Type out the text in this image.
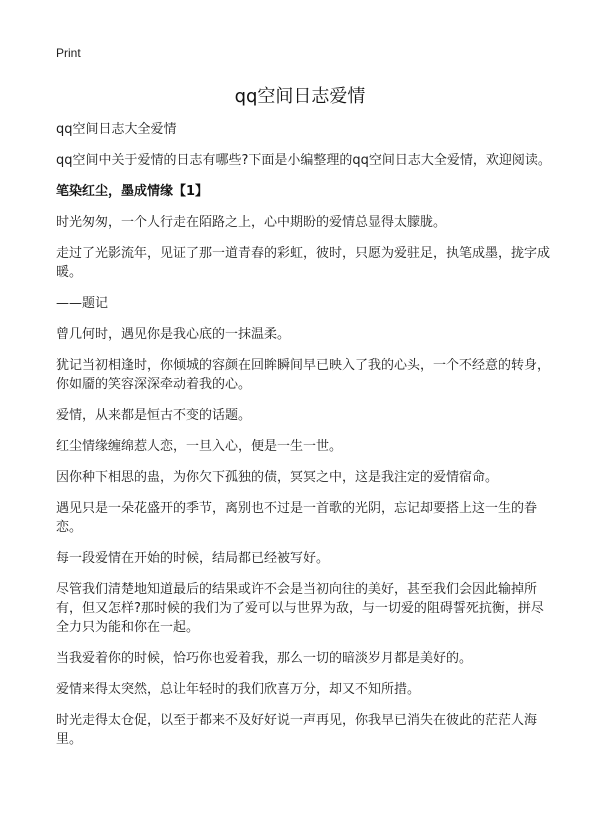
Print
qq空间日志爱情

qq空间日志大全爱情

qq空间中关于爱情的日志有哪些?下面是小编整理的qq空间日志大全爱情，欢迎阅读。

笔染红尘，墨成情缘【1】

时光匆匆，一个人行走在陌路之上，心中期盼的爱情总显得太朦胧。

走过了光影流年，见证了那一道青春的彩虹，彼时，只愿为爱驻足，执笔成墨，拢字成暖。

——题记

曾几何时，遇见你是我心底的一抹温柔。

犹记当初相逢时，你倾城的容颜在回眸瞬间早已映入了我的心头，一个不经意的转身，你如靥的笑容深深牵动着我的心。

爱情，从来都是恒古不变的话题。

红尘情缘缠绵惹人恋，一旦入心，便是一生一世。

因你种下相思的蛊，为你欠下孤独的债，冥冥之中，这是我注定的爱情宿命。

遇见只是一朵花盛开的季节，离别也不过是一首歌的光阴，忘记却要搭上这一生的眷恋。

每一段爱情在开始的时候，结局都已经被写好。

尽管我们清楚地知道最后的结果或许不会是当初向往的美好，甚至我们会因此输掉所有，但又怎样?那时候的我们为了爱可以与世界为敌，与一切爱的阻碍誓死抗衡，拼尽全力只为能和你在一起。

当我爱着你的时候，恰巧你也爱着我，那么一切的暗淡岁月都是美好的。

爱情来得太突然，总让年轻时的我们欣喜万分，却又不知所措。

时光走得太仓促，以至于都来不及好好说一声再见，你我早已消失在彼此的茫茫人海里。
